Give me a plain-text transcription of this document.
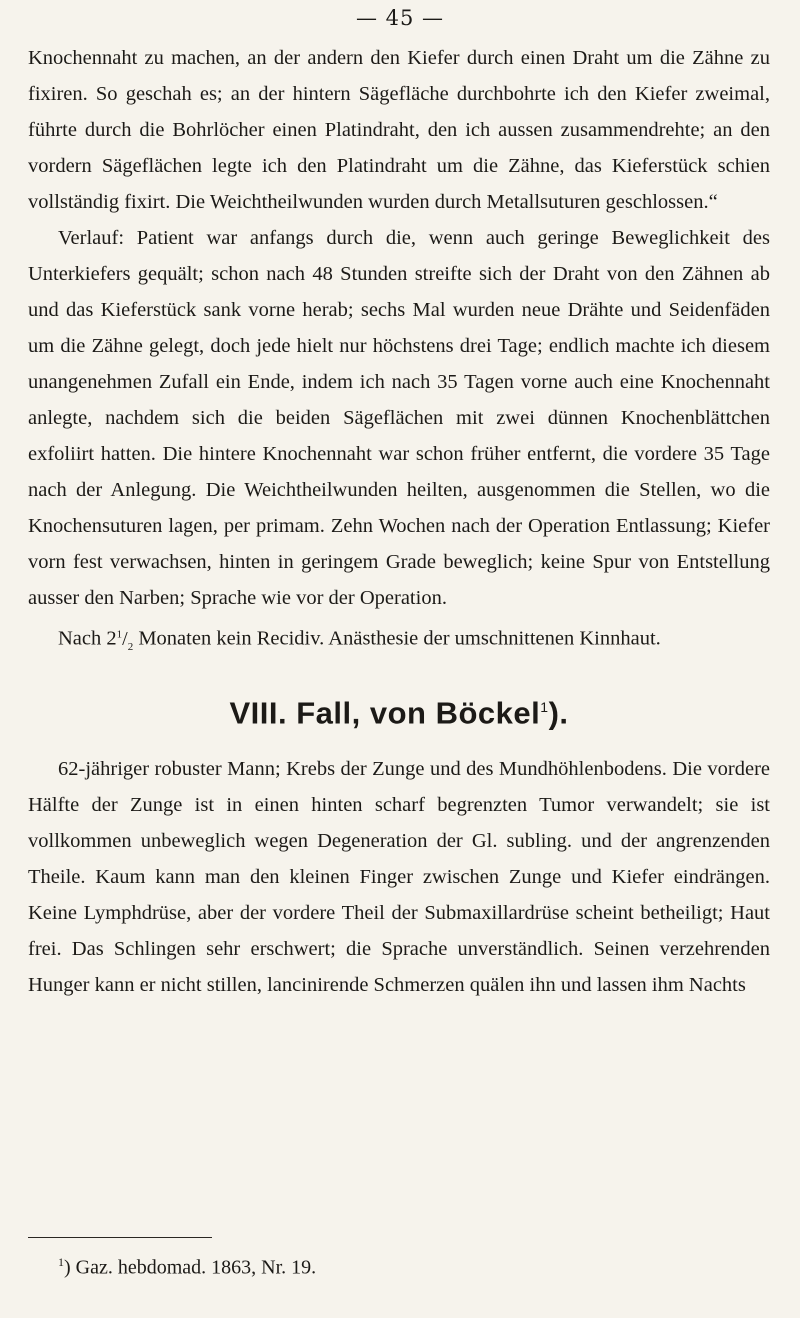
— 45 —

Knochennaht zu machen, an der andern den Kiefer durch einen Draht um die Zähne zu fixiren. So geschah es; an der hintern Sägefläche durchbohrte ich den Kiefer zweimal, führte durch die Bohrlöcher einen Platindraht, den ich aussen zusammendrehte; an den vordern Sägeflächen legte ich den Platindraht um die Zähne, das Kieferstück schien vollständig fixirt. Die Weichtheilwunden wurden durch Metallsuturen geschlossen.“

Verlauf: Patient war anfangs durch die, wenn auch geringe Beweglichkeit des Unterkiefers gequält; schon nach 48 Stunden streifte sich der Draht von den Zähnen ab und das Kieferstück sank vorne herab; sechs Mal wurden neue Drähte und Seidenfäden um die Zähne gelegt, doch jede hielt nur höchstens drei Tage; endlich machte ich diesem unangenehmen Zufall ein Ende, indem ich nach 35 Tagen vorne auch eine Knochennaht anlegte, nachdem sich die beiden Sägeflächen mit zwei dünnen Knochenblättchen exfoliirt hatten. Die hintere Knochennaht war schon früher entfernt, die vordere 35 Tage nach der Anlegung. Die Weichtheilwunden heilten, ausgenommen die Stellen, wo die Knochensuturen lagen, per primam. Zehn Wochen nach der Operation Entlassung; Kiefer vorn fest verwachsen, hinten in geringem Grade beweglich; keine Spur von Entstellung ausser den Narben; Sprache wie vor der Operation.

Nach $2^1/_2$ Monaten kein Recidiv. Anästhesie der umschnittenen Kinnhaut.

VIII. Fall, von Böckel$^1$).

62-jähriger robuster Mann; Krebs der Zunge und des Mundhöhlenbodens. Die vordere Hälfte der Zunge ist in einen hinten scharf begrenzten Tumor verwandelt; sie ist vollkommen unbeweglich wegen Degeneration der Gl. subling. und der angrenzenden Theile. Kaum kann man den kleinen Finger zwischen Zunge und Kiefer eindrängen. Keine Lymphdrüse, aber der vordere Theil der Submaxillardrüse scheint betheiligt; Haut frei. Das Schlingen sehr erschwert; die Sprache unverständlich. Seinen verzehrenden Hunger kann er nicht stillen, lancinirende Schmerzen quälen ihn und lassen ihm Nachts

$^1$) Gaz. hebdomad. 1863, Nr. 19.
